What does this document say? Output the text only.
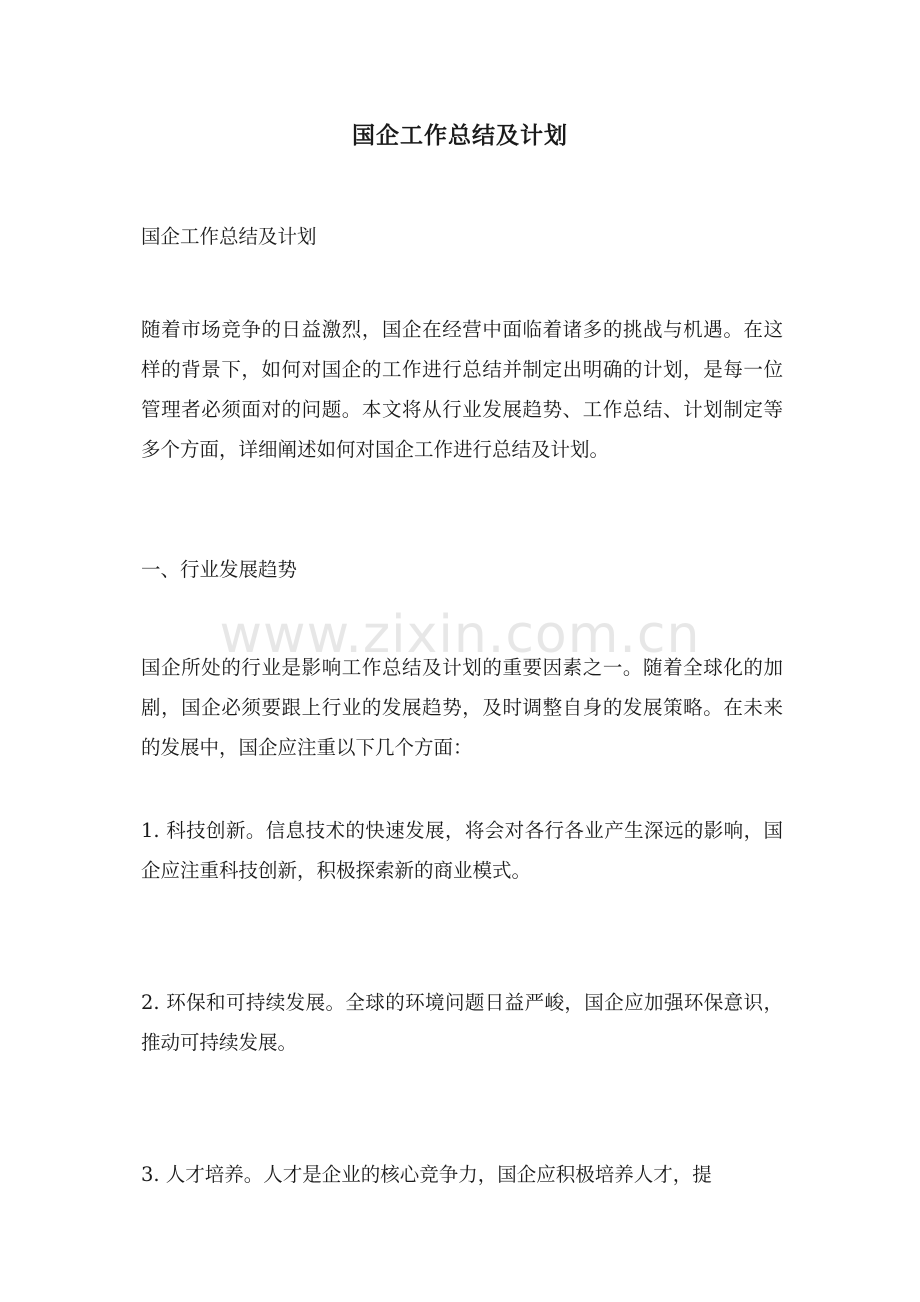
国企工作总结及计划
国企工作总结及计划
随着市场竞争的日益激烈，国企在经营中面临着诸多的挑战与机遇。在这样的背景下，如何对国企的工作进行总结并制定出明确的计划，是每一位管理者必须面对的问题。本文将从行业发展趋势、工作总结、计划制定等多个方面，详细阐述如何对国企工作进行总结及计划。
一、行业发展趋势
www.zixin.com.cn
国企所处的行业是影响工作总结及计划的重要因素之一。随着全球化的加剧，国企必须要跟上行业的发展趋势，及时调整自身的发展策略。在未来的发展中，国企应注重以下几个方面：
1. 科技创新。信息技术的快速发展，将会对各行各业产生深远的影响，国企应注重科技创新，积极探索新的商业模式。
2. 环保和可持续发展。全球的环境问题日益严峻，国企应加强环保意识，推动可持续发展。
3. 人才培养。人才是企业的核心竞争力，国企应积极培养人才，提
